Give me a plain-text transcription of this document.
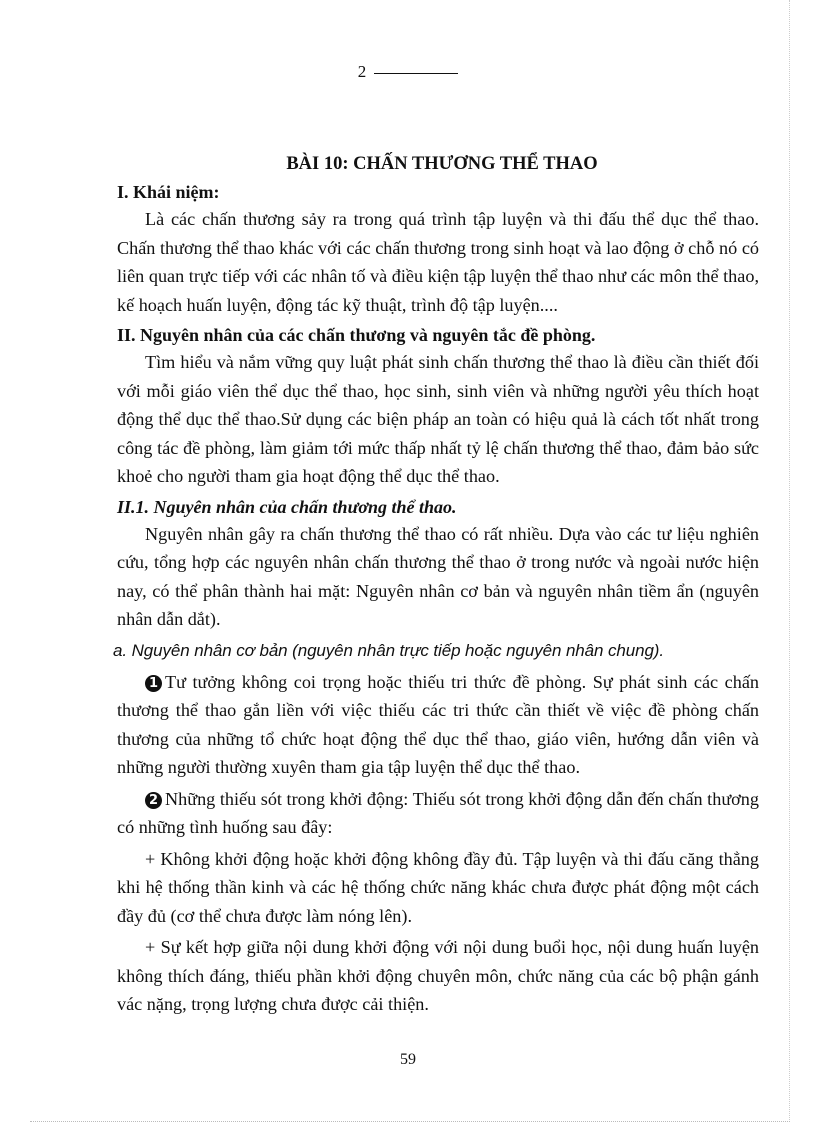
2
BÀI 10: CHẤN THƯƠNG THỂ THAO
I. Khái niệm:

Là các chấn thương sảy ra trong quá trình tập luyện và thi đấu thể dục thể thao. Chấn thương thể thao khác với các chấn thương trong sinh hoạt và lao động ở chỗ nó có liên quan trực tiếp với các nhân tố và điều kiện tập luyện thể thao như các môn thể thao, kế hoạch huấn luyện, động tác kỹ thuật, trình độ tập luyện....

II. Nguyên nhân của các chấn thương và nguyên tắc đề phòng.

Tìm hiểu và nắm vững quy luật phát sinh chấn thương thể thao là điều cần thiết đối với mỗi giáo viên thể dục thể thao, học sinh, sinh viên và những người yêu thích hoạt động thể dục thể thao.Sử dụng các biện pháp an toàn có hiệu quả là cách tốt nhất trong công tác đề phòng, làm giảm tới mức thấp nhất tỷ lệ chấn thương thể thao, đảm bảo sức khoẻ cho người tham gia hoạt động thể dục thể thao.

II.1. Nguyên nhân của chấn thương thể thao.

Nguyên nhân gây ra chấn thương thể thao có rất nhiều. Dựa vào các tư liệu nghiên cứu, tổng hợp các nguyên nhân chấn thương thể thao ở trong nước và ngoài nước hiện nay, có thể phân thành hai mặt: Nguyên nhân cơ bản và nguyên nhân tiềm ẩn (nguyên nhân dẫn dắt).

a. Nguyên nhân cơ bản (nguyên nhân trực tiếp hoặc nguyên nhân chung).

1 Tư tưởng không coi trọng hoặc thiếu tri thức đề phòng. Sự phát sinh các chấn thương thể thao gắn liền với việc thiếu các tri thức cần thiết về việc đề phòng chấn thương của những tổ chức hoạt động thể dục thể thao, giáo viên, hướng dẫn viên và những người thường xuyên tham gia tập luyện thể dục thể thao.

2 Những thiếu sót trong khởi động: Thiếu sót trong khởi động dẫn đến chấn thương có những tình huống sau đây:

+ Không khởi động hoặc khởi động không đầy đủ. Tập luyện và thi đấu căng thẳng khi hệ thống thần kinh và các hệ thống chức năng khác chưa được phát động một cách đầy đủ (cơ thể chưa được làm nóng lên).

+ Sự kết hợp giữa nội dung khởi động với nội dung buổi học, nội dung huấn luyện không thích đáng, thiếu phần khởi động chuyên môn, chức năng của các bộ phận gánh vác nặng, trọng lượng chưa được cải thiện.

59
